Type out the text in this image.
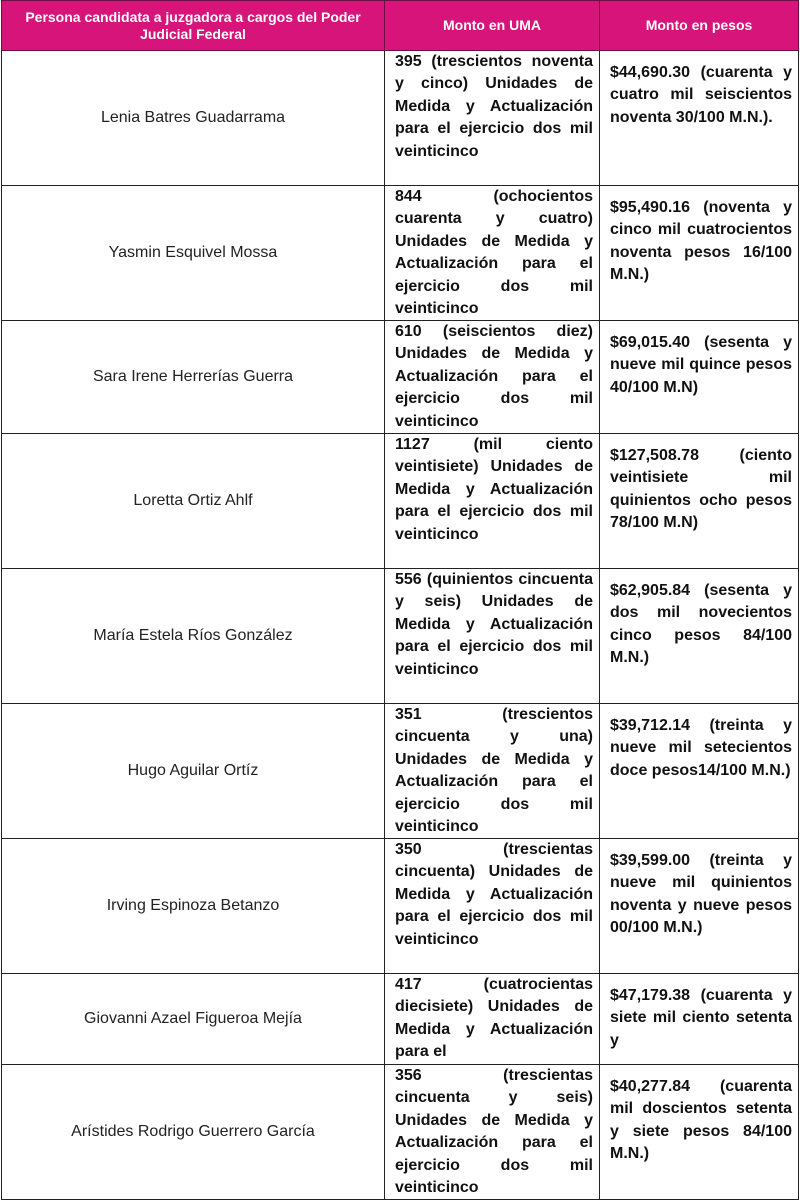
Persona candidata a juzgadora a cargos del Poder Judicial Federal	Monto en UMA	Monto en pesos
Lenia Batres Guadarrama	395 (trescientos noventa y cinco) Unidades de Medida y Actualización para el ejercicio dos mil veinticinco	$44,690.30 (cuarenta y cuatro mil seiscientos noventa 30/100 M.N.).

Yasmin Esquivel Mossa	844 (ochocientos cuarenta y cuatro) Unidades de Medida y Actualización para el ejercicio dos mil veinticinco	$95,490.16 (noventa y cinco mil cuatrocientos noventa pesos 16/100 M.N.)

Sara Irene Herrerías Guerra	610 (seiscientos diez) Unidades de Medida y Actualización para el ejercicio dos mil veinticinco	$69,015.40 (sesenta y nueve mil quince pesos 40/100 M.N)

Loretta Ortiz Ahlf	1127 (mil ciento veintisiete) Unidades de Medida y Actualización para el ejercicio dos mil veinticinco	$127,508.78 (ciento veintisiete mil quinientos ocho pesos 78/100 M.N)

María Estela Ríos González	556 (quinientos cincuenta y seis) Unidades de Medida y Actualización para el ejercicio dos mil veinticinco	$62,905.84 (sesenta y dos mil novecientos cinco pesos 84/100 M.N.)

Hugo Aguilar Ortíz	351 (trescientos cincuenta y una) Unidades de Medida y Actualización para el ejercicio dos mil veinticinco	$39,712.14 (treinta y nueve mil setecientos doce pesos14/100 M.N.)

Irving Espinoza Betanzo	350 (trescientas cincuenta) Unidades de Medida y Actualización para el ejercicio dos mil veinticinco	$39,599.00 (treinta y nueve mil quinientos noventa y nueve pesos 00/100 M.N.)

Giovanni Azael Figueroa Mejía	417 (cuatrocientas diecisiete) Unidades de Medida y Actualización para el	$47,179.38 (cuarenta y siete mil ciento setenta y

Arístides Rodrigo Guerrero García	356 (trescientas cincuenta y seis) Unidades de Medida y Actualización para el ejercicio dos mil veinticinco	$40,277.84 (cuarenta mil doscientos setenta y siete pesos 84/100 M.N.)
